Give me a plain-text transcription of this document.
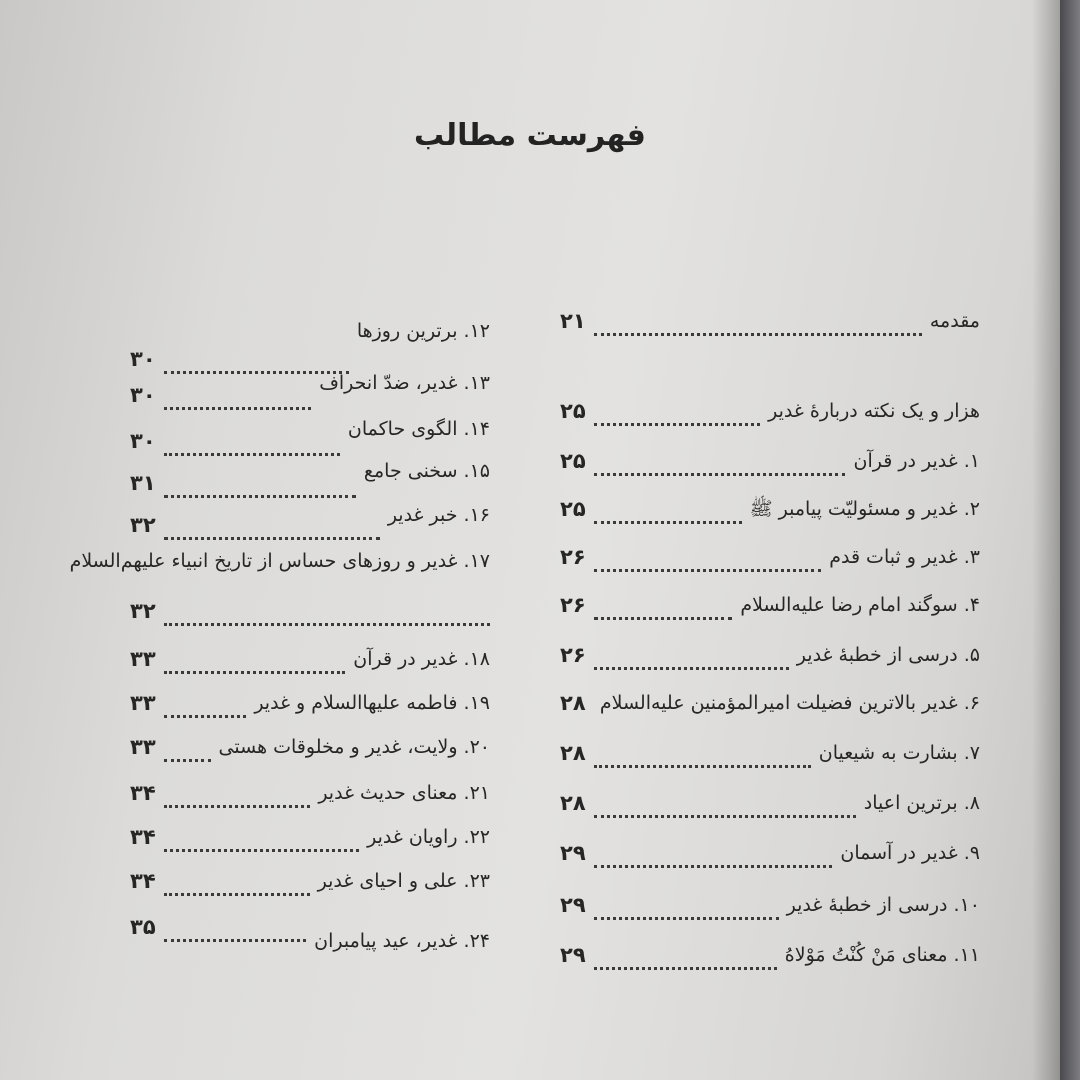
فهرست مطالب
مقدمه
۲۱
هزار و یک نکته دربارۀ غدیر
۲۵
۱. غدیر در قرآن
۲۵
۲. غدیر و مسئولیّت پیامبر ﷺ
۲۵
۳. غدیر و ثبات قدم
۲۶
۴. سوگند امام رضا علیه‌السلام
۲۶
۵. درسی از خطبۀ غدیر
۲۶
۶. غدیر بالاترین فضیلت امیرالمؤمنین علیه‌السلام
۲۸
۷. بشارت به شیعیان
۲۸
۸. برترین اعیاد
۲۸
۹. غدیر در آسمان
۲۹
۱۰. درسی از خطبۀ غدیر
۲۹
۱۱. معنای مَنْ کُنْتُ مَوْلاهُ
۲۹
۱۲. برترین روزها
۳۰
۱۳. غدیر، ضدّ انحراف
۳۰
۱۴. الگوی حاکمان
۳۰
۱۵. سخنی جامع
۳۱
۱۶. خبر غدیر
۳۲
۱۷. غدیر و روزهای حساس از تاریخ انبیاء علیهم‌السلام
۳۲
۱۸. غدیر در قرآن
۳۳
۱۹. فاطمه علیهاالسلام و غدیر
۳۳
۲۰. ولایت، غدیر و مخلوقات هستی
۳۳
۲۱. معنای حدیث غدیر
۳۴
۲۲. راویان غدیر
۳۴
۲۳. علی و احیای غدیر
۳۴
۲۴. غدیر، عید پیامبران
۳۵
